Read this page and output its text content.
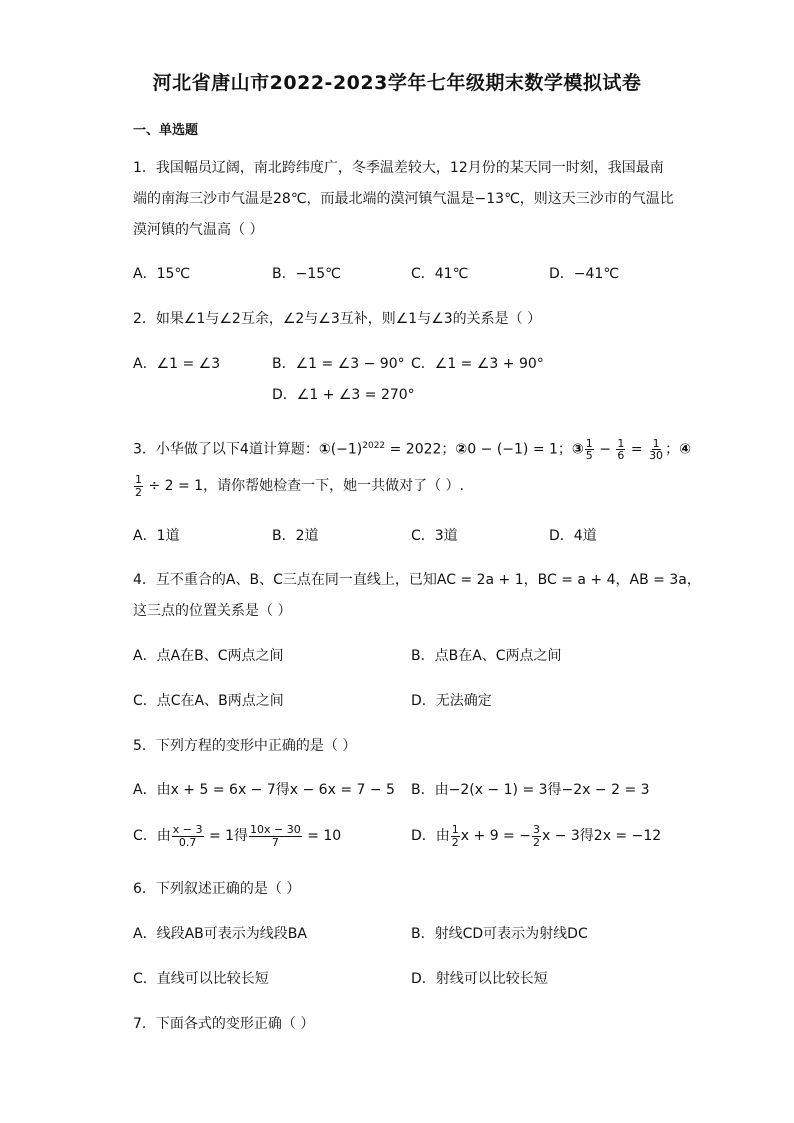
河北省唐山市2022-2023学年七年级期末数学模拟试卷
一、单选题
1．我国幅员辽阔，南北跨纬度广，冬季温差较大，12月份的某天同一时刻，我国最南
端的南海三沙市气温是28℃，而最北端的漠河镇气温是−13℃，则这天三沙市的气温比
漠河镇的气温高（ ）
A．15℃	B．−15℃	C．41℃	D．−41℃
2．如果∠1与∠2互余，∠2与∠3互补，则∠1与∠3的关系是（ ）
A．∠1 = ∠3	B．∠1 = ∠3 − 90° C．∠1 = ∠3 + 90°
D．∠1 + ∠3 = 270°
3．小华做了以下4道计算题：$①(-1)^{2022} = 2022$；②0 − (−1) = 1；③ $\frac{1}{5} - \frac{1}{6} = \frac{1}{30}$ ；④
$\frac{1}{2} \div 2 = 1$，请你帮她检查一下，她一共做对了（ ）.
A．1道	B．2道	C．3道	D．4道
4．互不重合的A、B、C三点在同一直线上，已知AC = 2a + 1，BC = a + 4，AB = 3a，
这三点的位置关系是（ ）
A．点A在B、C两点之间	B．点B在A、C两点之间
C．点C在A、B两点之间	D．无法确定
5．下列方程的变形中正确的是（ ）
A．由x + 5 = 6x − 7得x − 6x = 7 − 5 B．由−2(x − 1) = 3得−2x − 2 = 3
C．由 $\frac{x - 3}{0.7} = 1$得 $\frac{10x - 30}{7} = 10$	D．由 $\frac{1}{2}$ x + 9 = − $\frac{3}{2}$ x − 3得2x = −12
6．下列叙述正确的是（ ）
A．线段AB可表示为线段BA	B．射线CD可表示为射线DC
C．直线可以比较长短	D．射线可以比较长短
7．下面各式的变形正确（ ）
